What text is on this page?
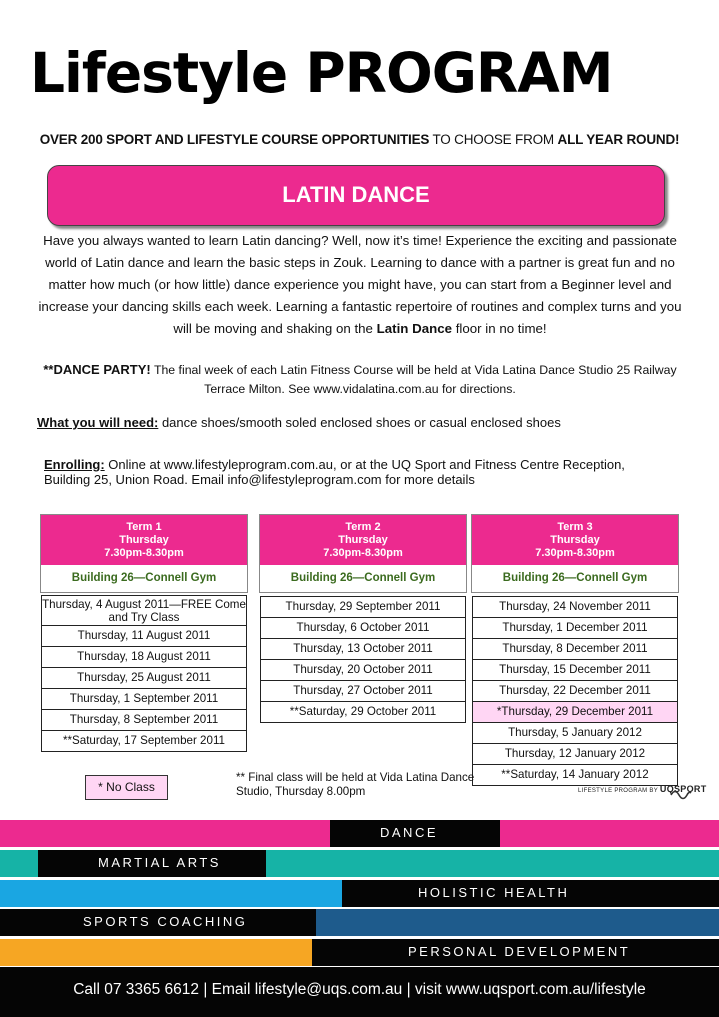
Lifestyle PROGRAM
OVER 200 SPORT AND LIFESTYLE COURSE OPPORTUNITIES TO CHOOSE FROM ALL YEAR ROUND!
LATIN DANCE

Have you always wanted to learn Latin dancing? Well, now it’s time! Experience the exciting and passionate world of Latin dance and learn the basic steps in Zouk. Learning to dance with a partner is great fun and no matter how much (or how little) dance experience you might have, you can start from a Beginner level and increase your dancing skills each week. Learning a fantastic repertoire of routines and complex turns and you will be moving and shaking on the Latin Dance floor in no time!

**DANCE PARTY! The final week of each Latin Fitness Course will be held at Vida Latina Dance Studio 25 Railway Terrace Milton. See www.vidalatina.com.au for directions.

What you will need: dance shoes/smooth soled enclosed shoes or casual enclosed shoes

Enrolling: Online at www.lifestyleprogram.com.au, or at the UQ Sport and Fitness Centre Reception, Building 25, Union Road. Email info@lifestyleprogram.com for more details

Term 1
Thursday
7.30pm-8.30pm
Building 26—Connell Gym
Thursday, 4 August 2011—FREE Come and Try Class
Thursday, 11 August 2011
Thursday, 18 August 2011
Thursday, 25 August 2011
Thursday, 1 September 2011
Thursday, 8 September 2011
**Saturday, 17 September 2011
Term 2
Thursday
7.30pm-8.30pm
Building 26—Connell Gym
Thursday, 29 September 2011
Thursday, 6 October 2011
Thursday, 13 October 2011
Thursday, 20 October 2011
Thursday, 27 October 2011
**Saturday, 29 October 2011
Term 3
Thursday
7.30pm-8.30pm
Building 26—Connell Gym
Thursday, 24 November 2011
Thursday, 1 December 2011
Thursday, 8 December 2011
Thursday, 15 December 2011
Thursday, 22 December 2011
*Thursday, 29 December 2011
Thursday, 5 January 2012
Thursday, 12 January 2012
**Saturday, 14 January 2012
* No Class
** Final class will be held at Vida Latina Dance Studio, Thursday 8.00pm	LIFESTYLE PROGRAM BY UQSPORT
DANCE
MARTIAL ARTS
HOLISTIC HEALTH
SPORTS COACHING
PERSONAL DEVELOPMENT
Call 07 3365 6612 | Email lifestyle@uqs.com.au | visit www.uqsport.com.au/lifestyle
